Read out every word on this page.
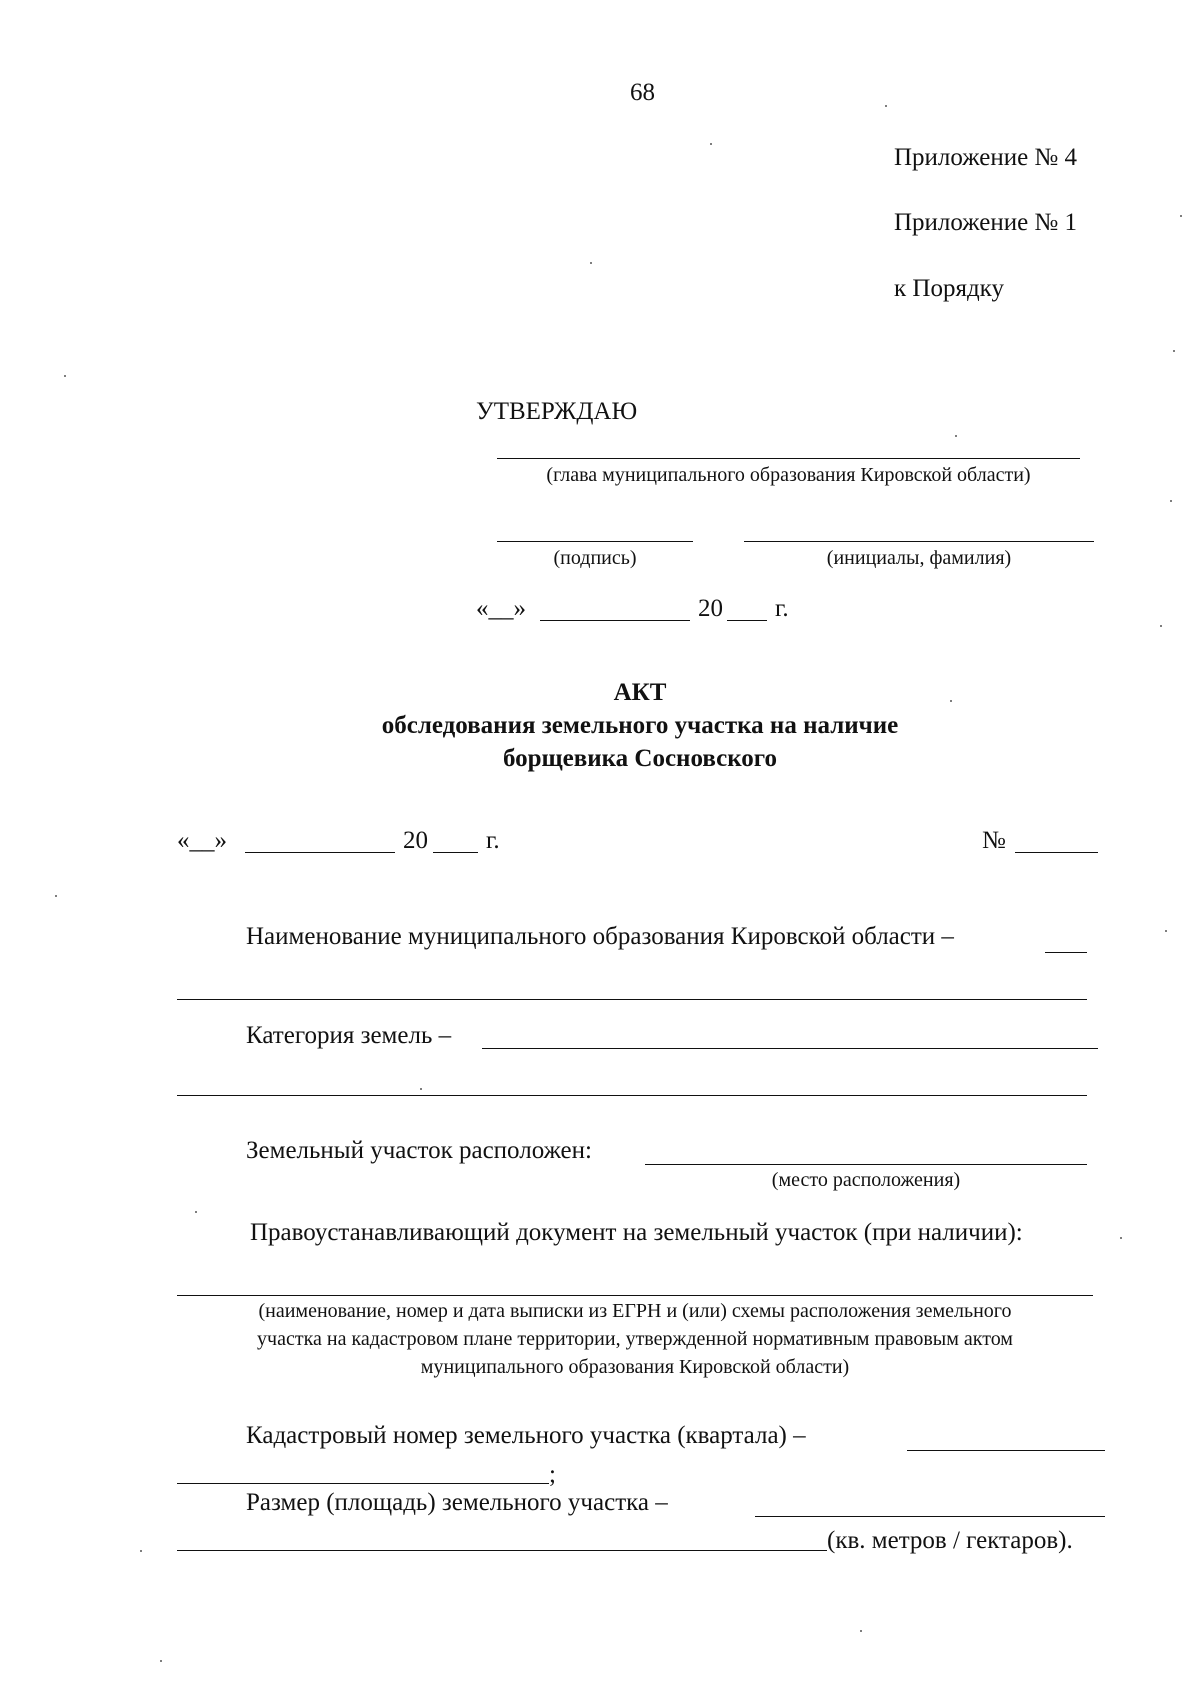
68
Приложение № 4
Приложение № 1
к Порядку
УТВЕРЖДАЮ
(глава муниципального образования Кировской области)
(подпись)	(инициалы, фамилия)
«__»	20 г.
АКТ
обследования земельного участка на наличие
борщевика Сосновского
«__»	20 г.	№
Наименование муниципального образования Кировской области –
Категория земель –
Земельный участок расположен:
(место расположения)
Правоустанавливающий документ на земельный участок (при наличии):
(наименование, номер и дата выписки из ЕГРН и (или) схемы расположения земельного
участка на кадастровом плане территории, утвержденной нормативным правовым актом
муниципального образования Кировской области)
Кадастровый номер земельного участка (квартала) –
;
Размер (площадь) земельного участка –
(кв. метров / гектаров).
